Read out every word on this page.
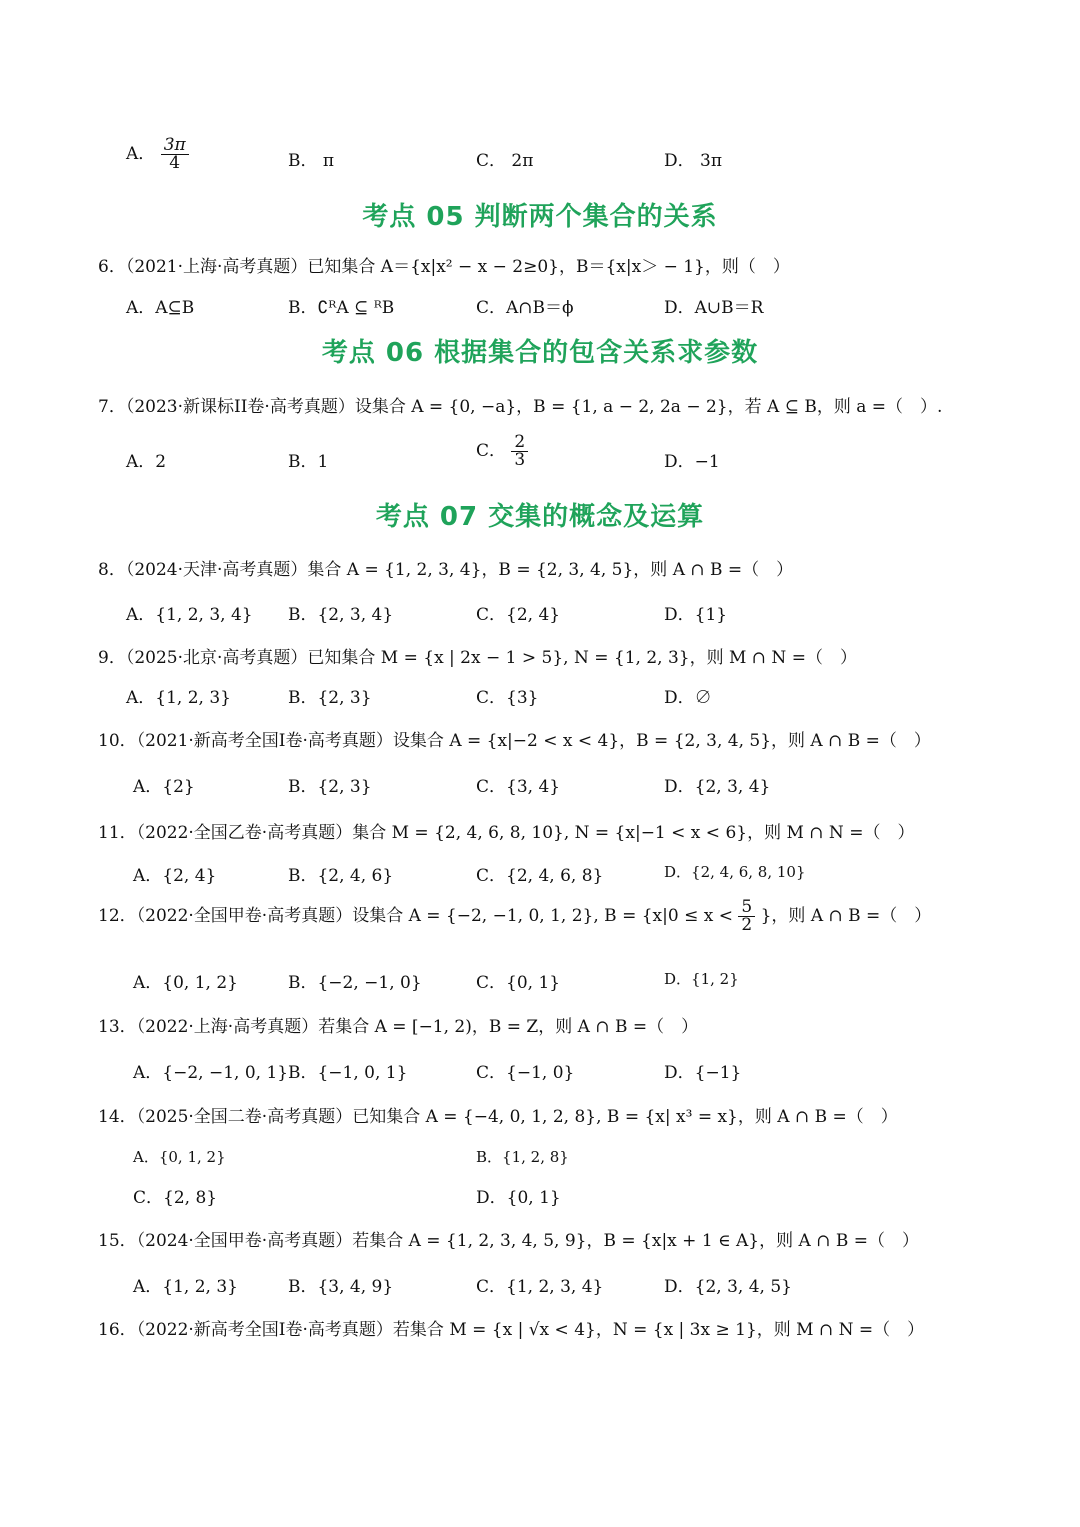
A． $\frac{3\pi}{4}$	B． π	C． 2π	D． 3π
考点 05 判断两个集合的关系
6．（2021·上海·高考真题）已知集合 A＝{x|x² − x − 2≥0}，B＝{x|x＞ − 1}，则（　）
A．A⊆B	B．∁ᴿA ⊆ ᴿB	C．A∩B＝ϕ	D．A∪B＝R
考点 06 根据集合的包含关系求参数
7．（2023·新课标II卷·高考真题）设集合 A = {0, −a}，B = {1, a − 2, 2a − 2}，若 A ⊆ B，则 a =（　）.
A．2	B．1
C． $\frac{2}{3}$	D．−1
考点 07 交集的概念及运算
8．（2024·天津·高考真题）集合 A = {1, 2, 3, 4}，B = {2, 3, 4, 5}，则 A ∩ B =（　）
A．{1, 2, 3, 4} B．{2, 3, 4}	C．{2, 4}	D．{1}
9．（2025·北京·高考真题）已知集合 M = {x | 2x − 1 > 5}, N = {1, 2, 3}，则 M ∩ N =（　）
A．{1, 2, 3}	B．{2, 3}	C．{3}	D．∅
10．（2021·新高考全国I卷·高考真题）设集合 A = {x|−2 < x < 4}，B = {2, 3, 4, 5}，则 A ∩ B =（　）
A．{2}	B．{2, 3}	C．{3, 4}	D．{2, 3, 4}
11．（2022·全国乙卷·高考真题）集合 M = {2, 4, 6, 8, 10}, N = {x|−1 < x < 6}，则 M ∩ N =（　）
A．{2, 4}	B．{2, 4, 6}	C．{2, 4, 6, 8}	D．{2, 4, 6, 8, 10}
12．（2022·全国甲卷·高考真题）设集合 A = {−2, −1, 0, 1, 2}, $B = \{x|0 \le x < \frac{5}{2}$ }，则 A ∩ B =（　）
A．{0, 1, 2}	B．{−2, −1, 0}	C．{0, 1}	D．{1, 2}
13．（2022·上海·高考真题）若集合 A = [−1, 2)，B = Z，则 A ∩ B =（　）
A．{−2, −1, 0, 1} B．{−1, 0, 1}	C．{−1, 0}	D．{−1}
14．（2025·全国二卷·高考真题）已知集合 A = {−4, 0, 1, 2, 8}, B = {x| x³ = x}，则 A ∩ B =（　）
A．{0, 1, 2}	B．{1, 2, 8}
C．{2, 8}	D．{0, 1}
15．（2024·全国甲卷·高考真题）若集合 A = {1, 2, 3, 4, 5, 9}，B = {x|x + 1 ∈ A}，则 A ∩ B =（　）
A．{1, 2, 3}	B．{3, 4, 9}	C．{1, 2, 3, 4}	D．{2, 3, 4, 5}
16．（2022·新高考全国I卷·高考真题）若集合 M = {x | √x < 4}，N = {x | 3x ≥ 1}，则 M ∩ N =（　）
